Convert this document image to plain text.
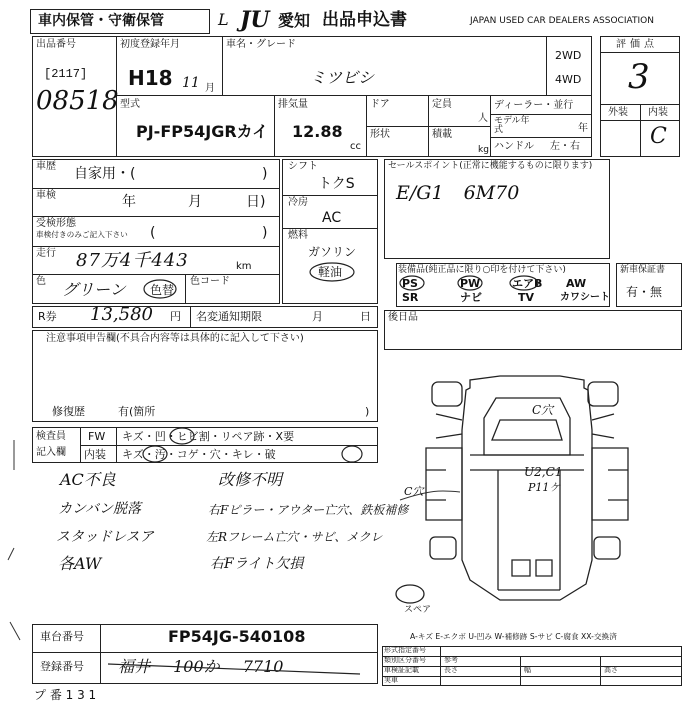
車内保管・守衛保管	L JU 愛知 出品申込書	JAPAN USED CAR DEALERS ASSOCIATION
出品番号
[2117]
08518
初度登録年月
H18 11 月
車名・グレード
ミツビシ
2WD
4WD
型式
PJ-FP54JGRカイ
排気量
12.88
cc
ドア
形状
定員
人
積載
kg
ディーラー・並行
モデル年式	年
ハンドル 左・右
評価点
3
外装 内装
C
車歴 自家用・(	)
車検	年	月	日)
受検形態
車検付きのみご記入下さい (	)
走行 87万4千443	km
色 グリーン 色替
色コード
シフト
トクS
冷房
AC
燃料
ガソリン
軽油
R券 13,580 円 名変通知期限	月	日
注意事項申告欄(不具合内容等は具体的に記入して下さい)
修復歴	有(箇所	)
セールスポイント(正常に機能するものに限ります)
E/G1 6M70
装備品(純正品に限り○印を付けて下さい)
PS	PW	エアB AW
SR	ナビ	TV	カワシート
新車保証書
有・無
後日品
検査員
記入欄
FW キズ・凹・ヒビ割・リペア跡・X要
内装 キズ・汚・コゲ・穴・キレ・破
AC不良
カンバン脱落
スタッドレスア
各AW
改修不明
右Fピラー・アウター亡穴、鉄板補修
左Rフレーム亡穴・サビ、メクレ
右Fライト欠損
C穴
U2,C1
P11ケ
C穴
スペア
A-キズ E-エクボ U-凹み W-補修跡 S-サビ C-腐食 XX-交換済
車台番号	FP54JG-540108
登録番号 福井 100か 7710
形式指定番号
類別区分番号	参考
車検証記載	長さ	幅	高さ
実車
プ 番 1 3 1
